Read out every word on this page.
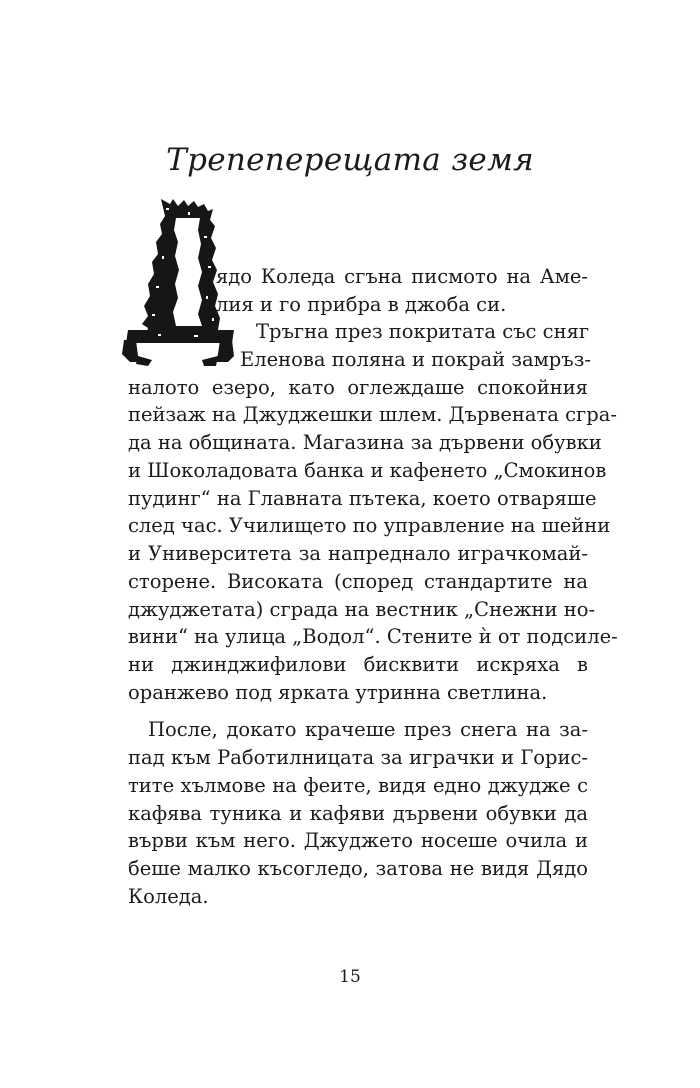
Трепеперещата земя
ядо Коледа сгъна писмото на Аме-
лия и го прибра в джоба си.
Тръгна през покритата със сняг
Еленова поляна и покрай замръз-
налото езеро, като оглеждаше спокойния
пейзаж на Джуджешки шлем. Дървената сгра-
да на общината. Магазина за дървени обувки
и Шоколадовата банка и кафенето „Смокинов
пудинг“ на Главната пътека, което отваряше
след час. Училището по управление на шейни
и Университета за напреднало играчкомай-
сторене. Високата (според стандартите на
джуджетата) сграда на вестник „Снежни но-
вини“ на улица „Водол“. Стените ѝ от подсиле-
ни джинджифилови бисквити искряха в
оранжево под ярката утринна светлина.
После, докато крачеше през снега на за-
пад към Работилницата за играчки и Горис-
тите хълмове на феите, видя едно джудже с
кафява туника и кафяви дървени обувки да
върви към него. Джуджето носеше очила и
беше малко късогледо, затова не видя Дядо
Коледа.
15
